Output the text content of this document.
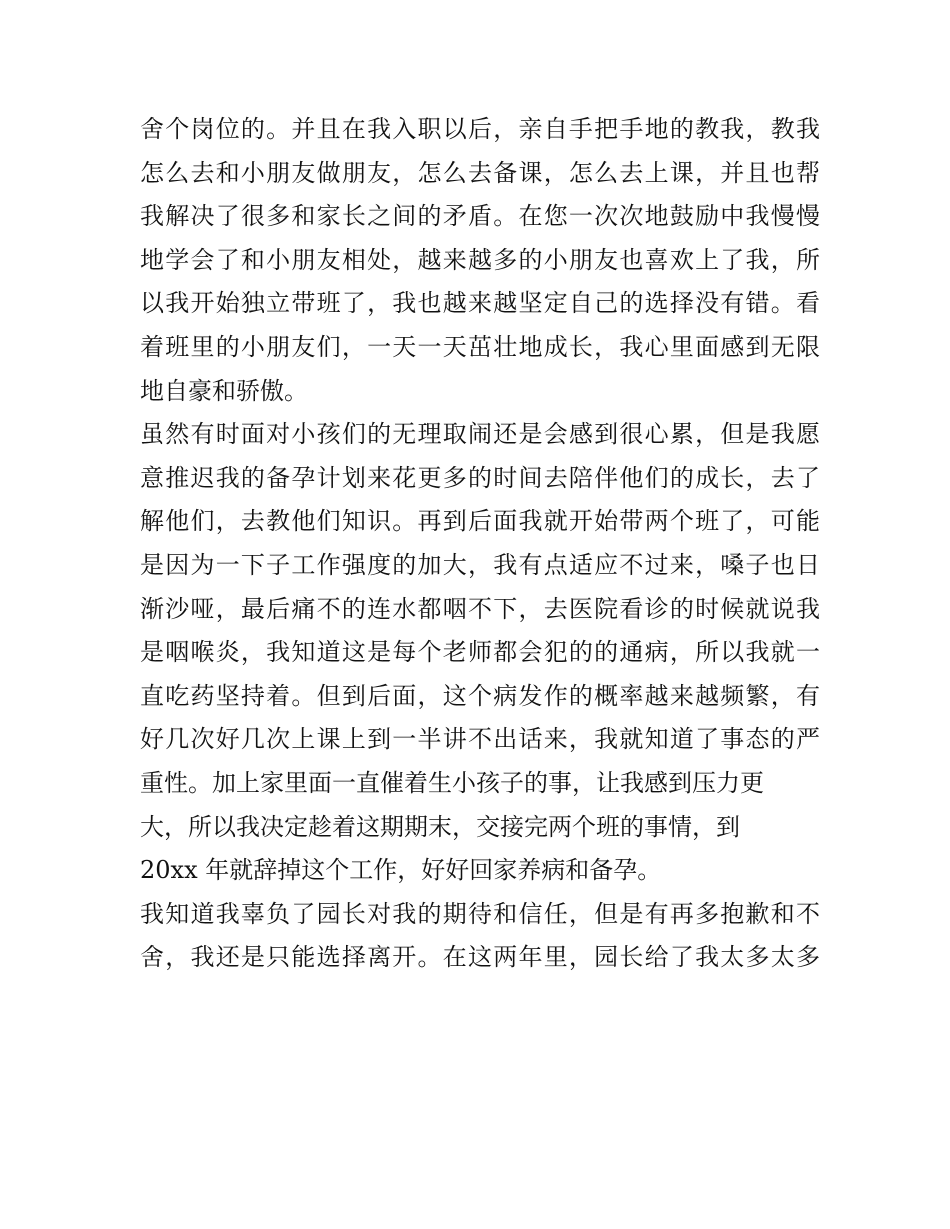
舍个岗位的。并且在我入职以后，亲自手把手地的教我，教我
怎么去和小朋友做朋友，怎么去备课，怎么去上课，并且也帮
我解决了很多和家长之间的矛盾。在您一次次地鼓励中我慢慢
地学会了和小朋友相处，越来越多的小朋友也喜欢上了我，所
以我开始独立带班了，我也越来越坚定自己的选择没有错。看
着班里的小朋友们，一天一天茁壮地成长，我心里面感到无限
地自豪和骄傲。
虽然有时面对小孩们的无理取闹还是会感到很心累，但是我愿
意推迟我的备孕计划来花更多的时间去陪伴他们的成长，去了
解他们，去教他们知识。再到后面我就开始带两个班了，可能
是因为一下子工作强度的加大，我有点适应不过来，嗓子也日
渐沙哑，最后痛不的连水都咽不下，去医院看诊的时候就说我
是咽喉炎，我知道这是每个老师都会犯的的通病，所以我就一
直吃药坚持着。但到后面，这个病发作的概率越来越频繁，有
好几次好几次上课上到一半讲不出话来，我就知道了事态的严
重性。加上家里面一直催着生小孩子的事，让我感到压力更
大，所以我决定趁着这期期末，交接完两个班的事情，到
20xx 年就辞掉这个工作，好好回家养病和备孕。
我知道我辜负了园长对我的期待和信任，但是有再多抱歉和不
舍，我还是只能选择离开。在这两年里，园长给了我太多太多
